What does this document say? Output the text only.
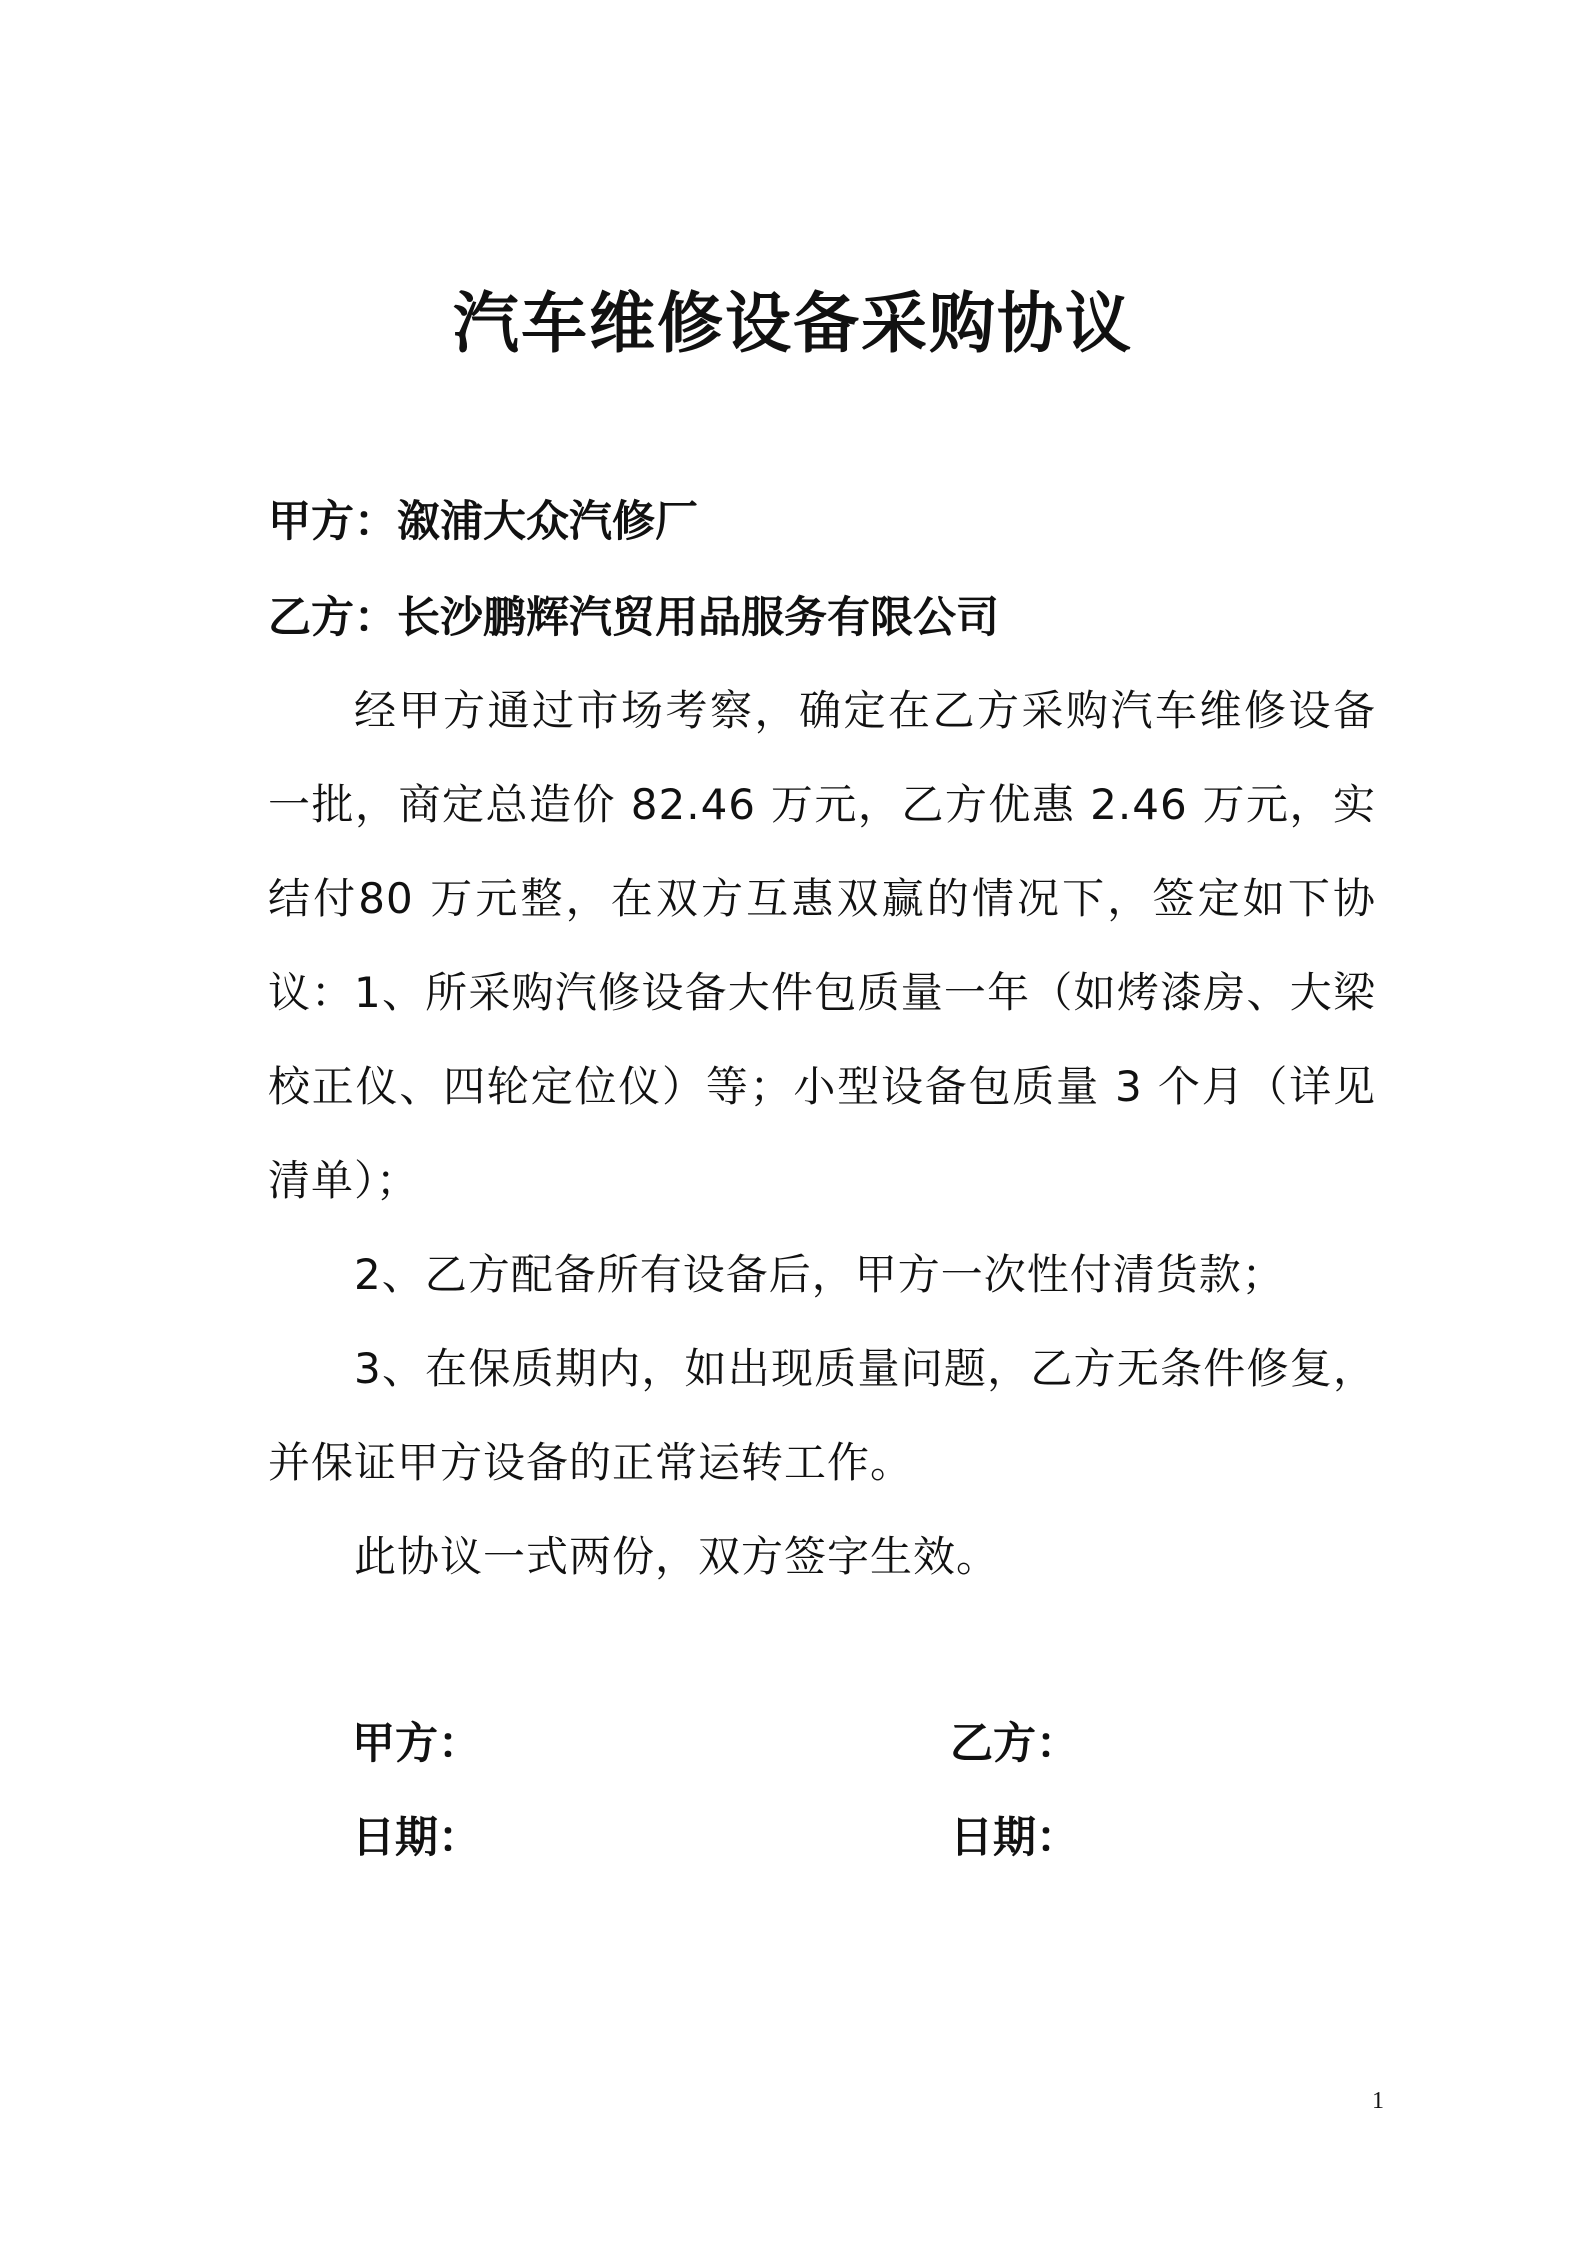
汽车维修设备采购协议
甲方：溆浦大众汽修厂
乙方：长沙鹏辉汽贸用品服务有限公司

经甲方通过市场考察，确定在乙方采购汽车维修设备一批，商定总造价 82.46 万元，乙方优惠 2.46 万元，实结付80 万元整，在双方互惠双赢的情况下，签定如下协议： 1、所采购汽修设备大件包质量一年（如烤漆房、大梁校正仪、四轮定位仪）等；小型设备包质量 3 个月（详见清单）；

2、乙方配备所有设备后，甲方一次性付清货款；

3、在保质期内，如出现质量问题，乙方无条件修复，并保证甲方设备的正常运转工作。

此协议一式两份，双方签字生效。

甲方：	乙方：
日期：	日期：
1
